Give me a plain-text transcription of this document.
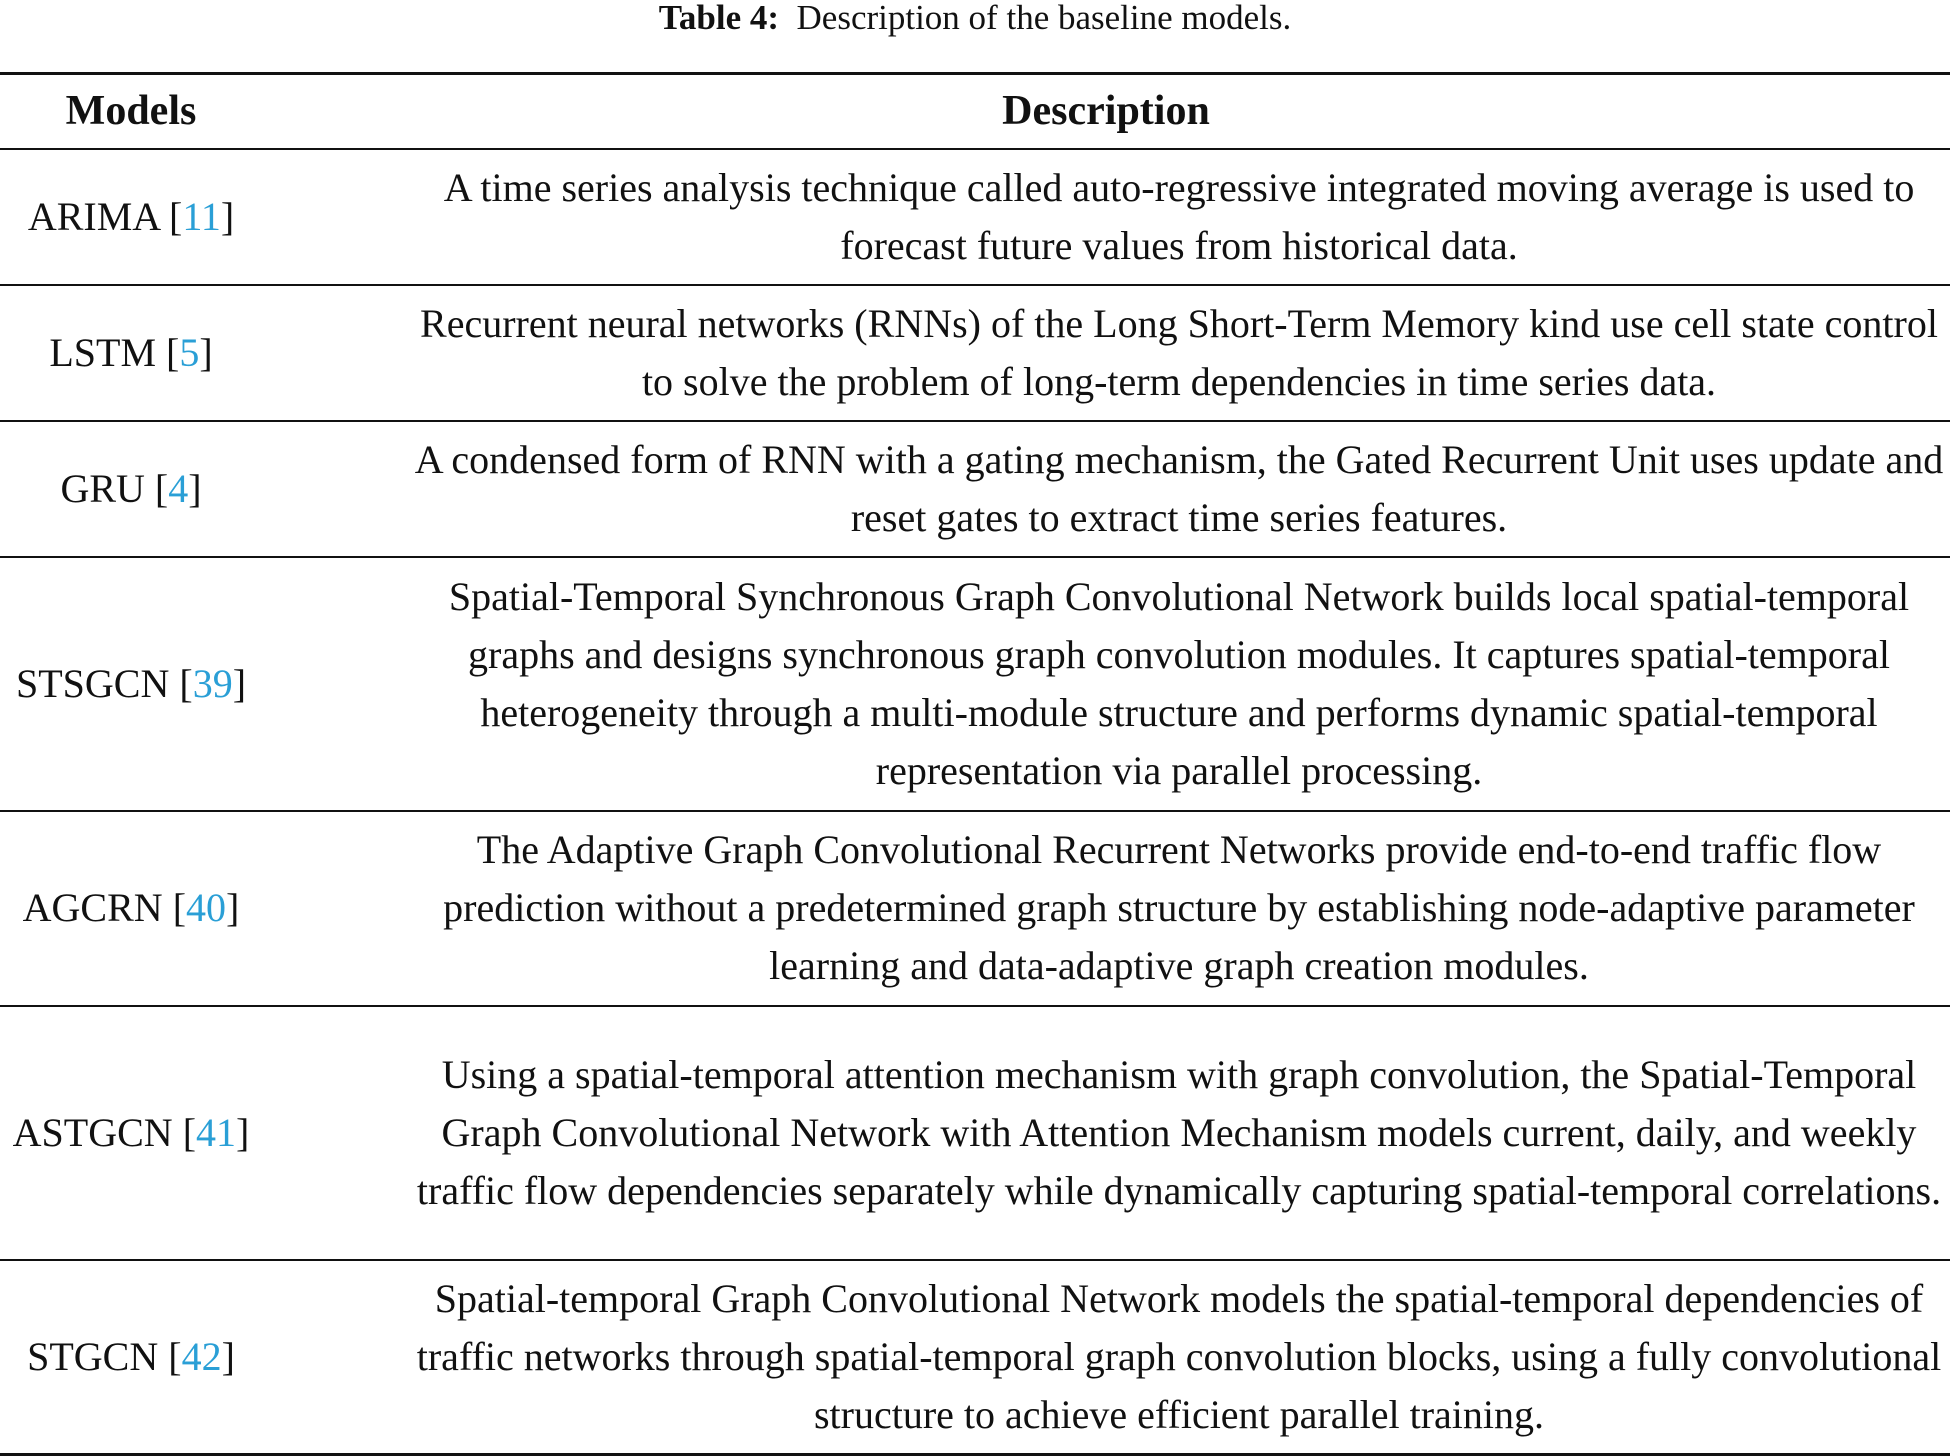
Table 4: Description of the baseline models.
Models	Description
ARIMA [11]	A time series analysis technique called auto-regressive integrated moving average is used to forecast future values from historical data.
LSTM [5]	Recurrent neural networks (RNNs) of the Long Short-Term Memory kind use cell state control to solve the problem of long-term dependencies in time series data.
GRU [4]	A condensed form of RNN with a gating mechanism, the Gated Recurrent Unit uses update and reset gates to extract time series features.
STSGCN [39]	Spatial-Temporal Synchronous Graph Convolutional Network builds local spatial-temporal graphs and designs synchronous graph convolution modules. It captures spatial-temporal heterogeneity through a multi-module structure and performs dynamic spatial-temporal representation via parallel processing.
AGCRN [40]	The Adaptive Graph Convolutional Recurrent Networks provide end-to-end traffic flow prediction without a predetermined graph structure by establishing node-adaptive parameter learning and data-adaptive graph creation modules.
ASTGCN [41]	Using a spatial-temporal attention mechanism with graph convolution, the Spatial-Temporal Graph Convolutional Network with Attention Mechanism models current, daily, and weekly traffic flow dependencies separately while dynamically capturing spatial-temporal correlations.
STGCN [42]	Spatial-temporal Graph Convolutional Network models the spatial-temporal dependencies of traffic networks through spatial-temporal graph convolution blocks, using a fully convolutional structure to achieve efficient parallel training.
